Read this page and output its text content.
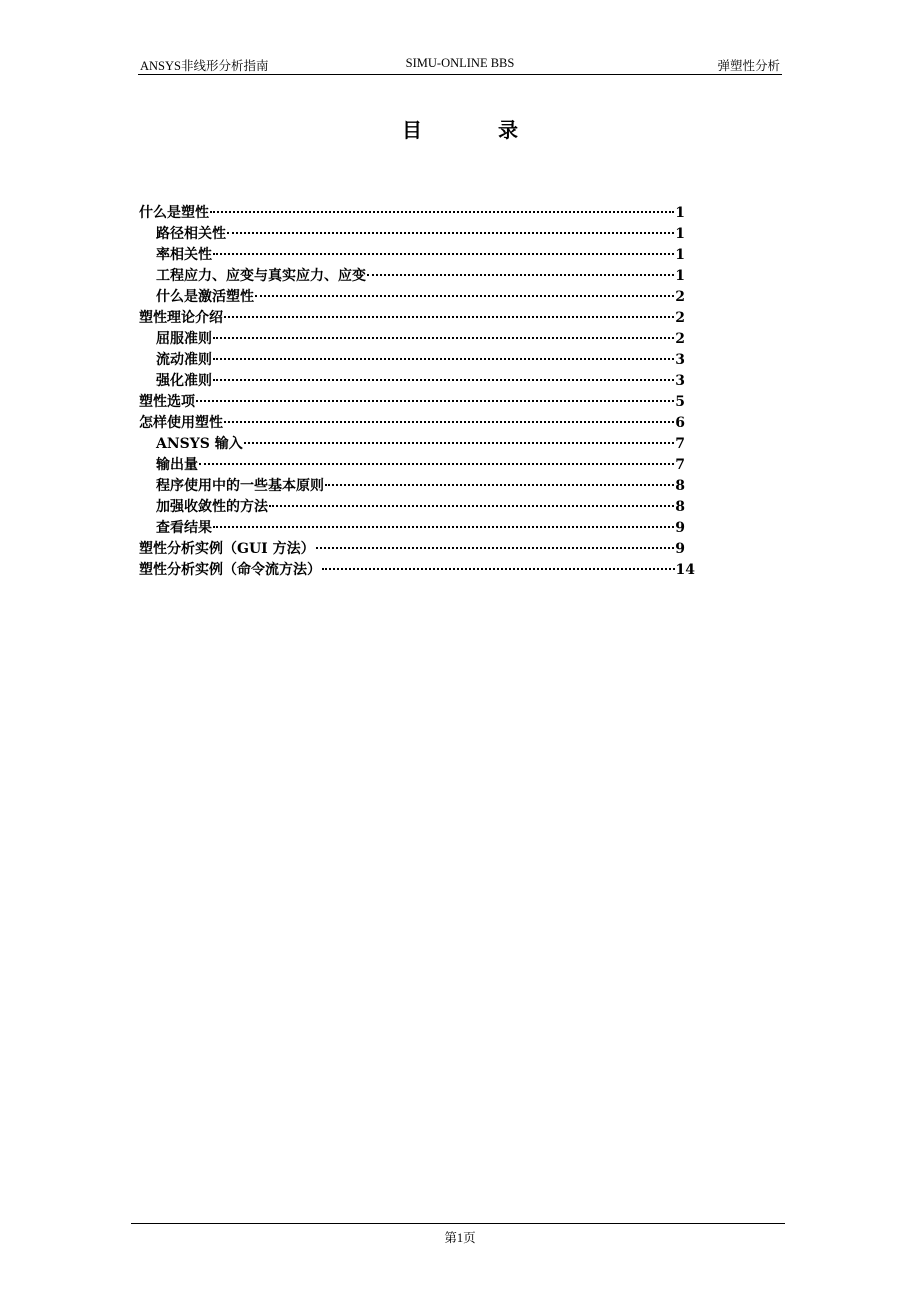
ANSYS非线形分析指南	SIMU-ONLINE BBS	弹塑性分析
目	录
什么是塑性	1
路径相关性	1
率相关性	1
工程应力、应变与真实应力、应变	1
什么是激活塑性	2
塑性理论介绍	2
屈服准则	2
流动准则	3
强化准则	3
塑性选项	5
怎样使用塑性	6
ANSYS 输入	7
输出量	7
程序使用中的一些基本原则	8
加强收敛性的方法	8
查看结果	9
塑性分析实例（GUI 方法）	9
塑性分析实例（命令流方法）	14
第1页
